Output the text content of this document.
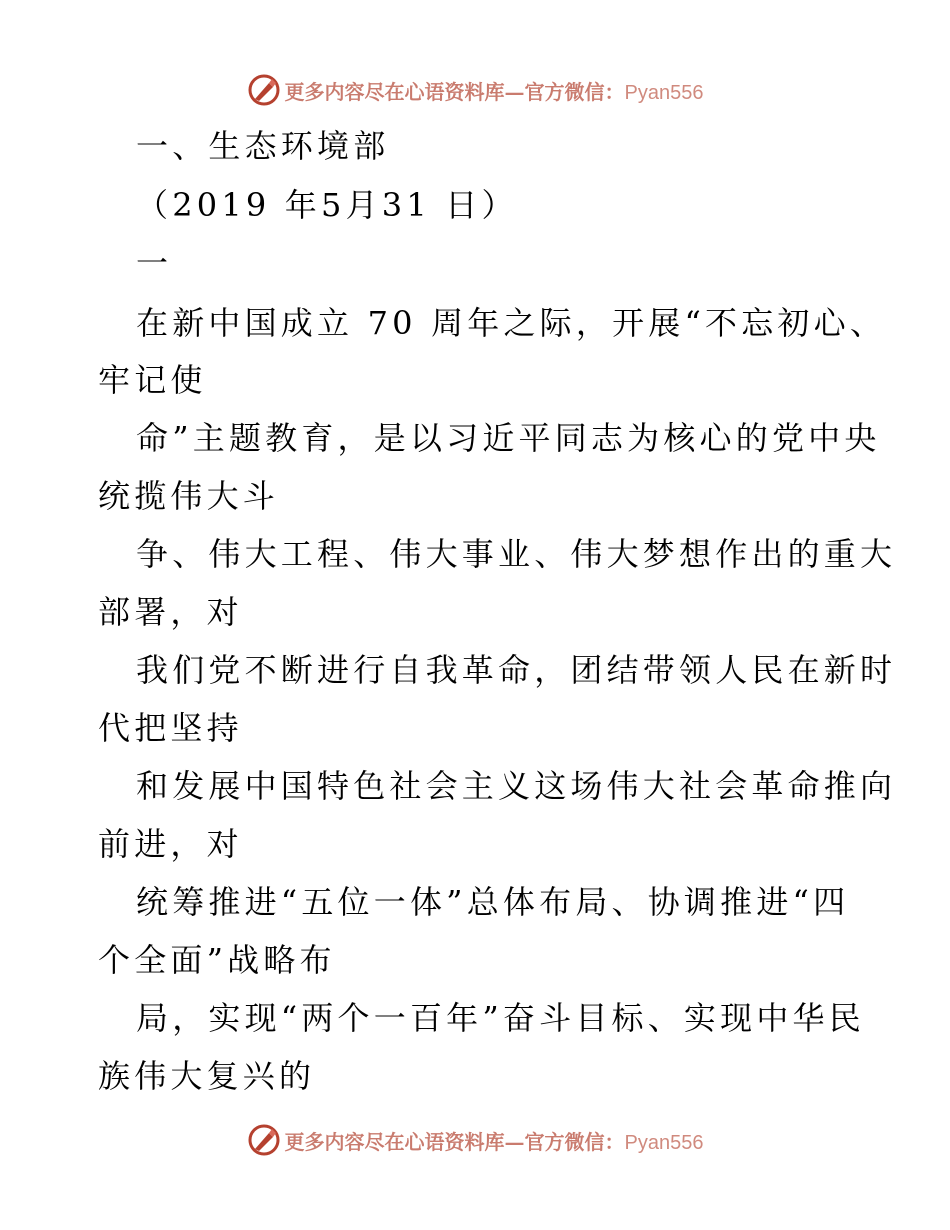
更多内容尽在心语资料库—官方微信：Pyan556
一、生态环境部
（2019 年5月31 日）
一
在新中国成立 70 周年之际，开展“不忘初心、
牢记使
命”主题教育，是以习近平同志为核心的党中央
统揽伟大斗
争、伟大工程、伟大事业、伟大梦想作出的重大
部署，对
我们党不断进行自我革命，团结带领人民在新时
代把坚持
和发展中国特色社会主义这场伟大社会革命推向
前进，对
统筹推进“五位一体”总体布局、协调推进“四
个全面”战略布
局，实现“两个一百年”奋斗目标、实现中华民
族伟大复兴的
更多内容尽在心语资料库—官方微信：Pyan556
